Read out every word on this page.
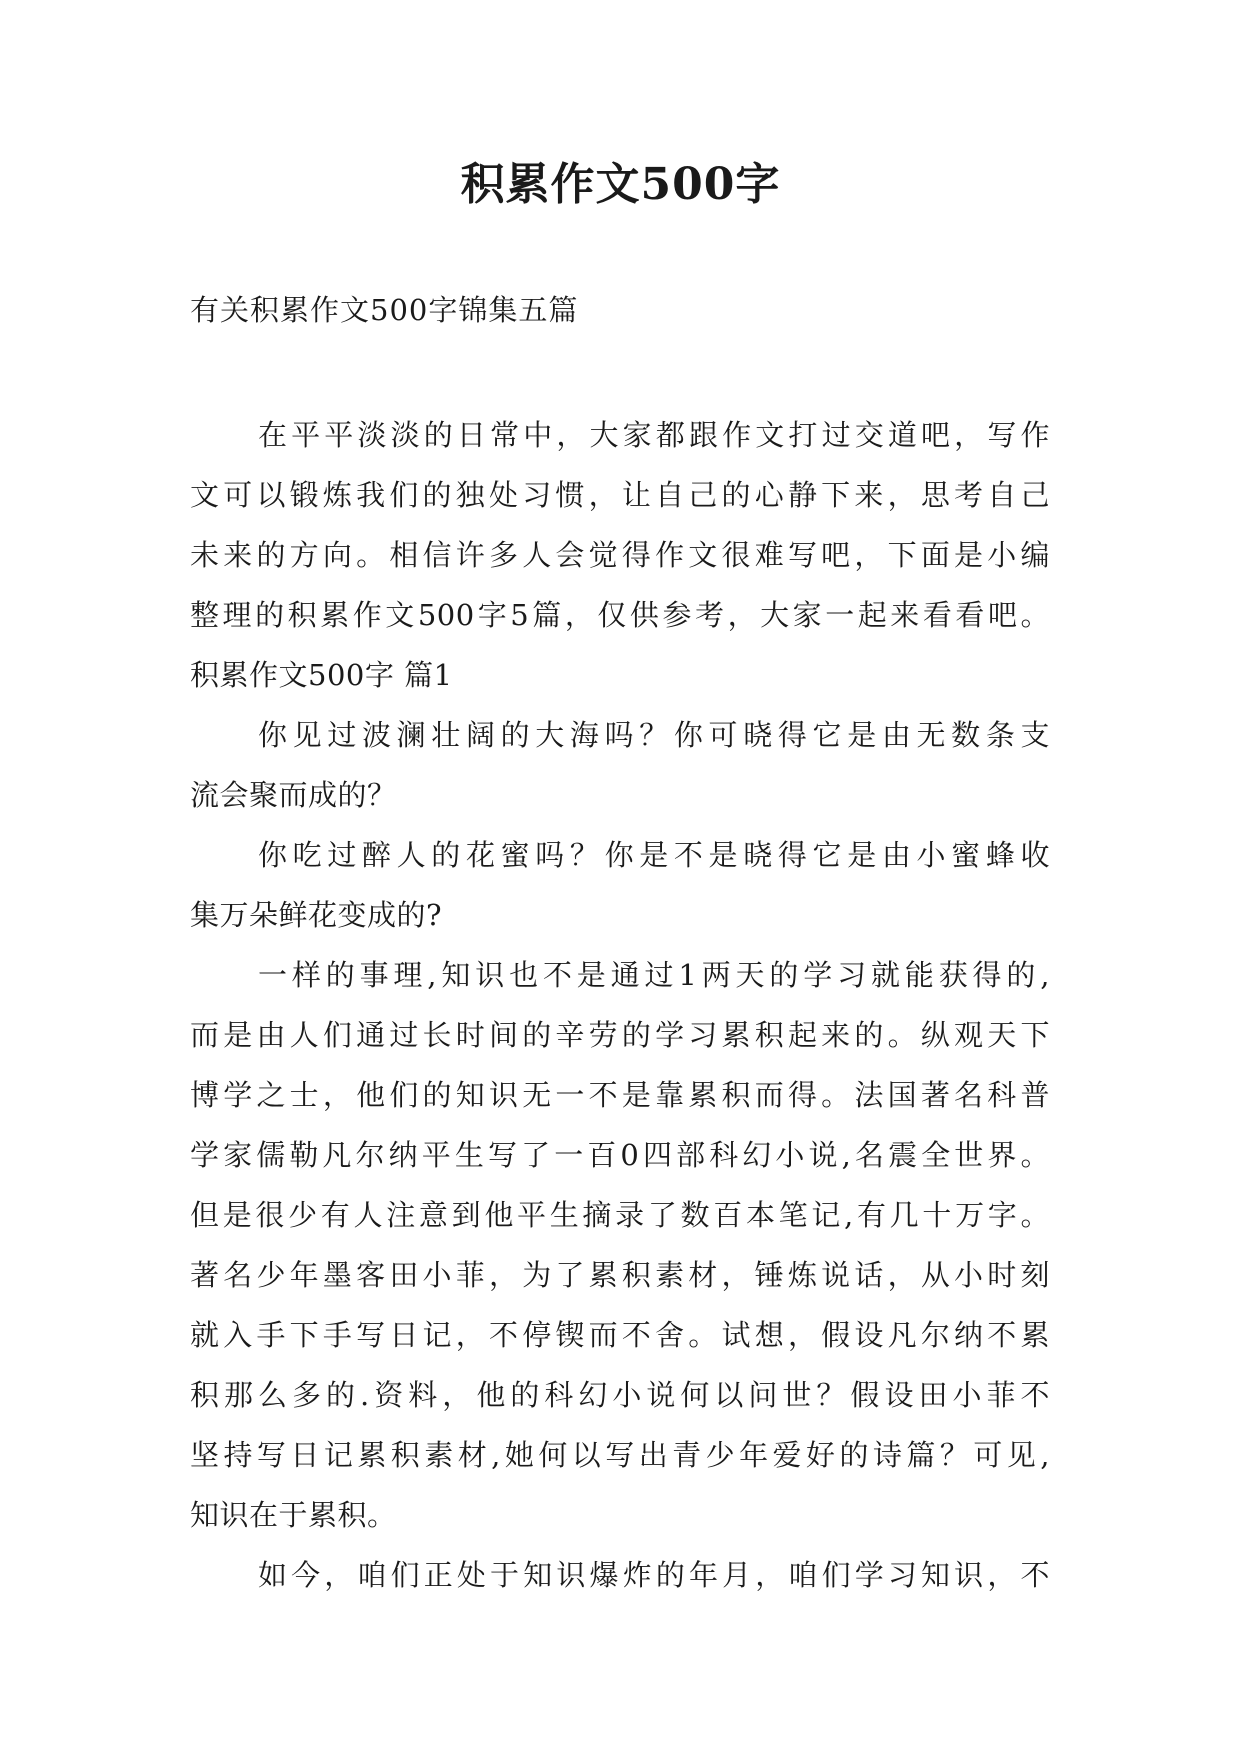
积累作文500字
有关积累作文500字锦集五篇
在平平淡淡的日常中，大家都跟作文打过交道吧，写作
文可以锻炼我们的独处习惯，让自己的心静下来，思考自己
未来的方向。相信许多人会觉得作文很难写吧，下面是小编
整理的积累作文500字5篇，仅供参考，大家一起来看看吧。
积累作文500字 篇1
你见过波澜壮阔的大海吗？你可晓得它是由无数条支
流会聚而成的？
你吃过醉人的花蜜吗？你是不是晓得它是由小蜜蜂收
集万朵鲜花变成的?
一样的事理,知识也不是通过1两天的学习就能获得的,
而是由人们通过长时间的辛劳的学习累积起来的。纵观天下
博学之士，他们的知识无一不是靠累积而得。法国著名科普
学家儒勒凡尔纳平生写了一百0四部科幻小说,名震全世界。
但是很少有人注意到他平生摘录了数百本笔记,有几十万字。
著名少年墨客田小菲，为了累积素材，锤炼说话，从小时刻
就入手下手写日记，不停锲而不舍。试想，假设凡尔纳不累
积那么多的.资料，他的科幻小说何以问世？假设田小菲不
坚持写日记累积素材,她何以写出青少年爱好的诗篇？可见,
知识在于累积。
如今，咱们正处于知识爆炸的年月，咱们学习知识，不
